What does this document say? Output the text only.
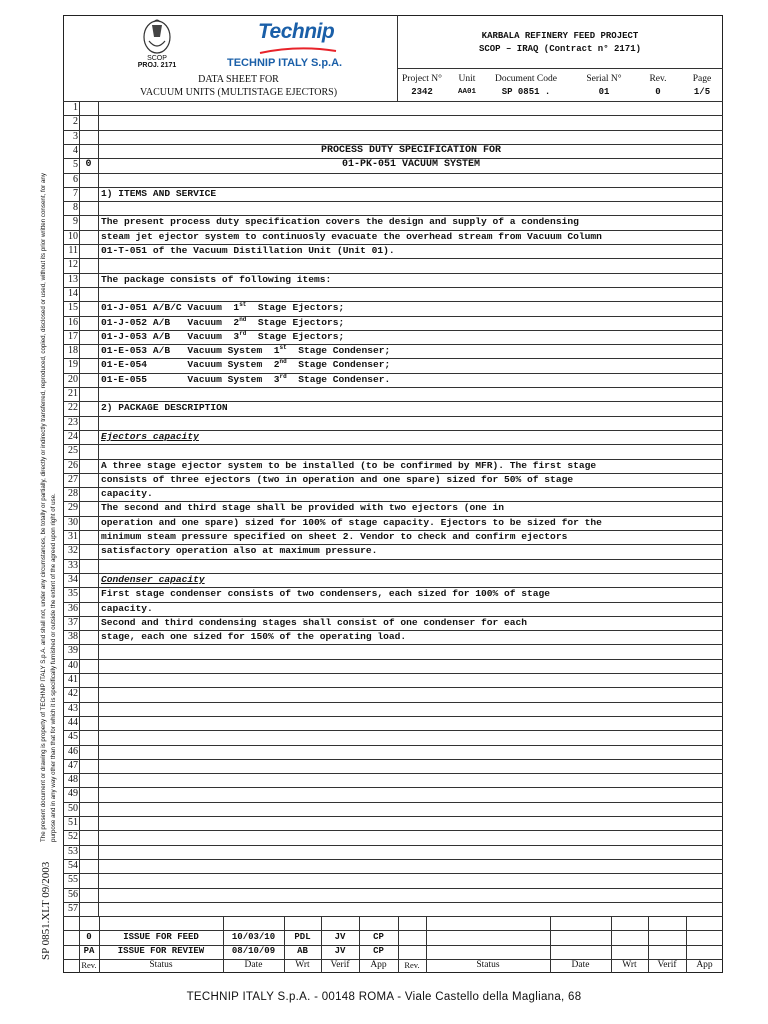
The present document or drawing is property of TECHNIP ITALY S.p.A. and shall not, under any circumstances, be totally or partially, directly or indirectly transferred, reproduced, copied, disclosed or used, without its prior written consent, for any purpose and in any way other than that for which it is specifically furnished or outside the extent of the agreed upon right of use.
SP 0851.XLT 09/2003
SCOP
PROJ. 2171
Technip
TECHNIP ITALY S.p.A.
KARBALA REFINERY FEED PROJECT
SCOP – IRAQ (Contract n° 2171)
DATA SHEET FOR
VACUUM UNITS (MULTISTAGE EJECTORS)
Project N°	Unit	Document Code	Serial N°	Rev.	Page
2342	AA01	SP 0851 .	01	0	1/5
1
2
3
4	PROCESS DUTY SPECIFICATION FOR
5 0	01-PK-051 VACUUM SYSTEM
6
7 1) ITEMS AND SERVICE
8
9 The present process duty specification covers the design and supply of a condensing
10 steam jet ejector system to continuosly evacuate the overhead stream from Vacuum Column
11 01-T-051 of the Vacuum Distillation Unit (Unit 01).
12
13 The package consists of following items:
14
15 01-J-051 A/B/C Vacuum  1st  Stage Ejectors;
16 01-J-052 A/B   Vacuum  2nd  Stage Ejectors;
17 01-J-053 A/B   Vacuum  3rd  Stage Ejectors;
18 01-E-053 A/B   Vacuum System  1st  Stage Condenser;
19 01-E-054       Vacuum System  2nd  Stage Condenser;
20 01-E-055       Vacuum System  3rd  Stage Condenser.
21
22 2) PACKAGE DESCRIPTION
23
24 Ejectors capacity
25
26 A three stage ejector system to be installed (to be confirmed by MFR). The first stage
27 consists of three ejectors (two in operation and one spare) sized for 50% of stage
28 capacity.
29 The second and third stage shall be provided with two ejectors (one in
30 operation and one spare) sized for 100% of stage capacity. Ejectors to be sized for the
31 minimum steam pressure specified on sheet 2. Vendor to check and confirm ejectors
32 satisfactory operation also at maximum pressure.
33
34 Condenser capacity
35 First stage condenser consists of two condensers, each sized for 100% of stage
36 capacity.
37 Second and third condensing stages shall consist of one condenser for each
38 stage, each one sized for 150% of the operating load.
39
40
41
42
43
44
45
46
47
48
49
50
51
52
53
54
55
56
57
0	ISSUE FOR FEED	10/03/10	PDL	JV	CP
PA	ISSUE FOR REVIEW	08/10/09	AB	JV	CP
Rev.	Status	Date	Wrt	Verif	App	Rev.	Status	Date	Wrt	Verif	App
TECHNIP ITALY S.p.A. - 00148 ROMA - Viale Castello della Magliana, 68
